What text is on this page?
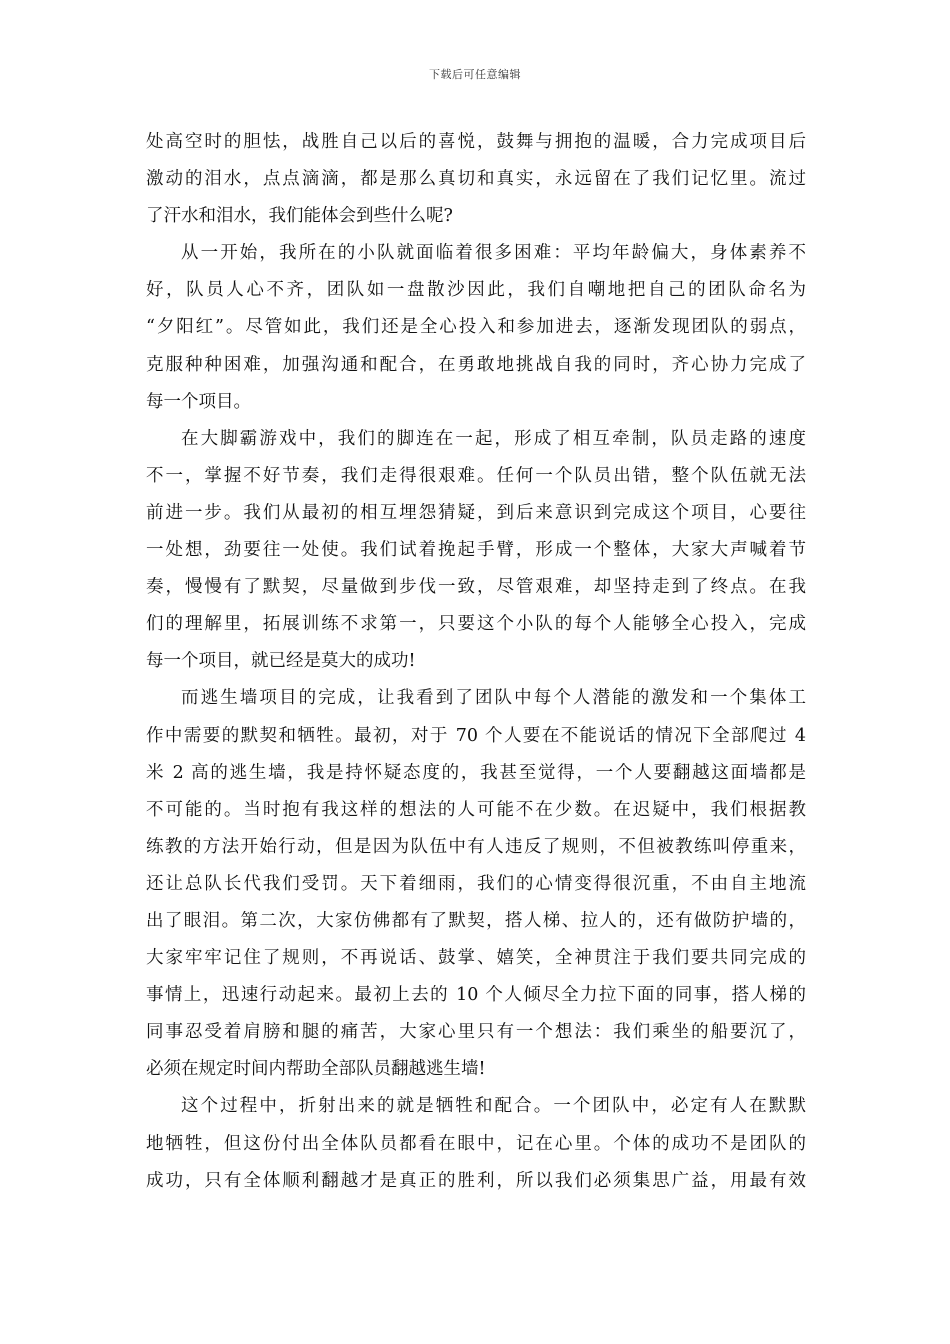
下载后可任意编辑
处高空时的胆怯，战胜自己以后的喜悦，鼓舞与拥抱的温暖，合力完成项目后
激动的泪水，点点滴滴，都是那么真切和真实，永远留在了我们记忆里。流过
了汗水和泪水，我们能体会到些什么呢?
从一开始，我所在的小队就面临着很多困难：平均年龄偏大，身体素养不
好，队员人心不齐，团队如一盘散沙因此，我们自嘲地把自己的团队命名为
“夕阳红”。尽管如此，我们还是全心投入和参加进去，逐渐发现团队的弱点，
克服种种困难，加强沟通和配合，在勇敢地挑战自我的同时，齐心协力完成了
每一个项目。
在大脚霸游戏中，我们的脚连在一起，形成了相互牵制，队员走路的速度
不一，掌握不好节奏，我们走得很艰难。任何一个队员出错，整个队伍就无法
前进一步。我们从最初的相互埋怨猜疑，到后来意识到完成这个项目，心要往
一处想，劲要往一处使。我们试着挽起手臂，形成一个整体，大家大声喊着节
奏，慢慢有了默契，尽量做到步伐一致，尽管艰难，却坚持走到了终点。在我
们的理解里，拓展训练不求第一，只要这个小队的每个人能够全心投入，完成
每一个项目，就已经是莫大的成功!
而逃生墙项目的完成，让我看到了团队中每个人潜能的激发和一个集体工
作中需要的默契和牺牲。最初，对于 70 个人要在不能说话的情况下全部爬过 4
米 2 高的逃生墙，我是持怀疑态度的，我甚至觉得，一个人要翻越这面墙都是
不可能的。当时抱有我这样的想法的人可能不在少数。在迟疑中，我们根据教
练教的方法开始行动，但是因为队伍中有人违反了规则，不但被教练叫停重来，
还让总队长代我们受罚。天下着细雨，我们的心情变得很沉重，不由自主地流
出了眼泪。第二次，大家仿佛都有了默契，搭人梯、拉人的，还有做防护墙的，
大家牢牢记住了规则，不再说话、鼓掌、嬉笑，全神贯注于我们要共同完成的
事情上，迅速行动起来。最初上去的 10 个人倾尽全力拉下面的同事，搭人梯的
同事忍受着肩膀和腿的痛苦，大家心里只有一个想法：我们乘坐的船要沉了，
必须在规定时间内帮助全部队员翻越逃生墙!
这个过程中，折射出来的就是牺牲和配合。一个团队中，必定有人在默默
地牺牲，但这份付出全体队员都看在眼中，记在心里。个体的成功不是团队的
成功，只有全体顺利翻越才是真正的胜利，所以我们必须集思广益，用最有效
